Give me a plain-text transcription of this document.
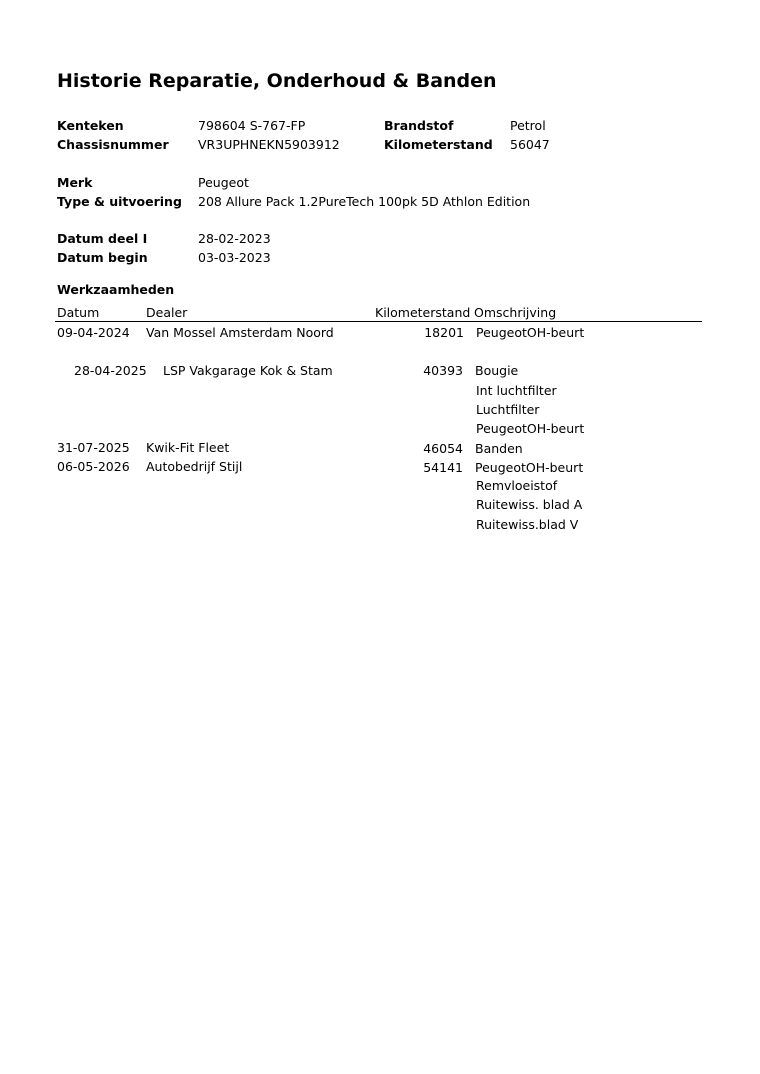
Historie Reparatie, Onderhoud & Banden
Kenteken	798604 S-767-FP	Brandstof	Petrol
Chassisnummer VR3UPHNEKN5903912	Kilometerstand 56047
Merk	Peugeot
Type & uitvoering 208 Allure Pack 1.2PureTech 100pk 5D Athlon Edition
Datum deel I	28-02-2023
Datum begin	03-03-2023
Werkzaamheden
Datum	Dealer	Kilometerstand Omschrijving
09-04-2024 Van Mossel Amsterdam Noord	18201 PeugeotOH-beurt
28-04-2025 LSP Vakgarage Kok & Stam	40393 Bougie
Int luchtfilter
Luchtfilter
PeugeotOH-beurt
31-07-2025 Kwik-Fit Fleet	46054 Banden
06-05-2026 Autobedrijf Stijl	54141 PeugeotOH-beurt
Remvloeistof
Ruitewiss. blad A
Ruitewiss.blad V
